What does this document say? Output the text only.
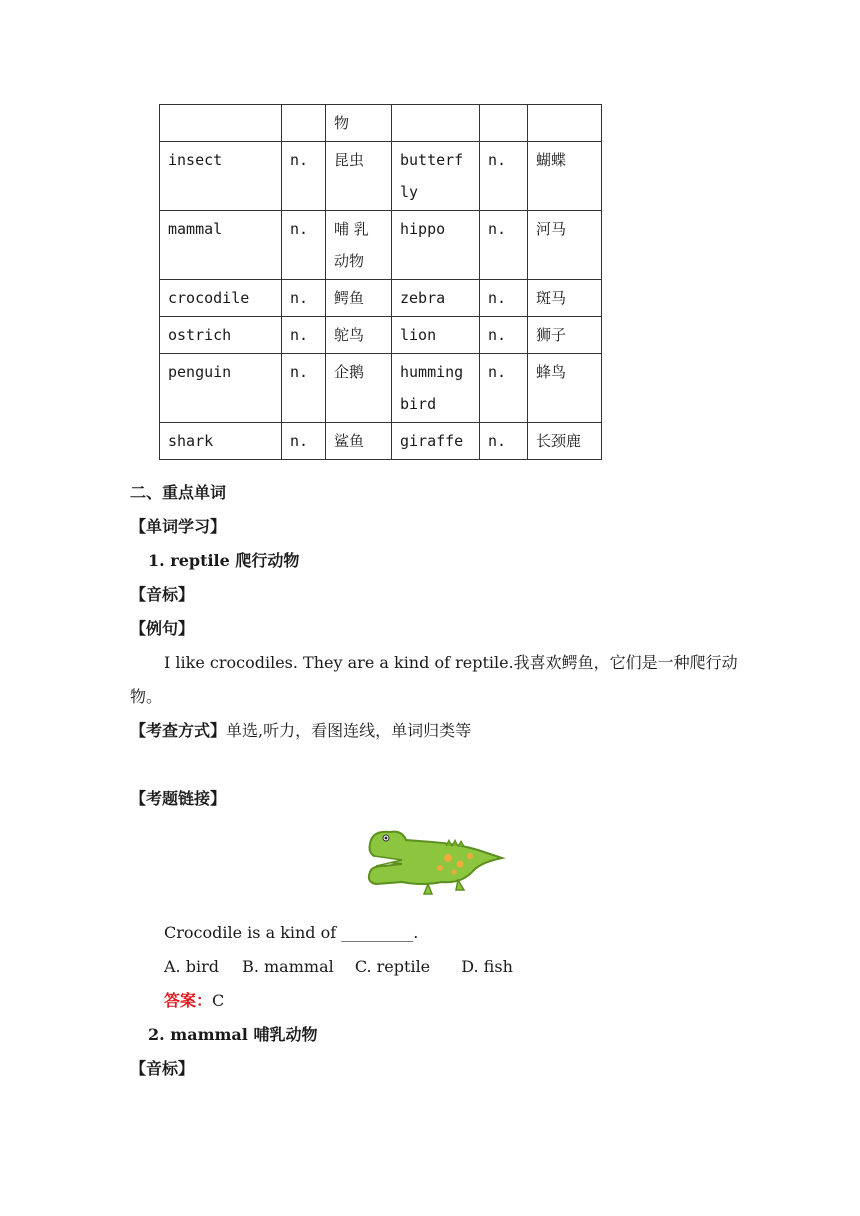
		物			
insect	n.	昆虫	butterfly	n.	蝴蝶
mammal	n.	哺 乳 动物	hippo	n.	河马
crocodile	n.	鳄鱼	zebra	n.	斑马
ostrich	n.	鸵鸟	lion	n.	狮子
penguin	n.	企鹅	hummingbird	n.	蜂鸟
shark	n.	鲨鱼	giraffe	n.	长颈鹿
二、重点单词
【单词学习】
1. reptile 爬行动物
【音标】
【例句】
I like crocodiles. They are a kind of reptile.我喜欢鳄鱼，它们是一种爬行动物。
【考查方式】单选,听力，看图连线，单词归类等
【考题链接】
Crocodile is a kind of _________.
A. bird B. mammal C. reptile D. fish
答案：C
2. mammal 哺乳动物
【音标】
